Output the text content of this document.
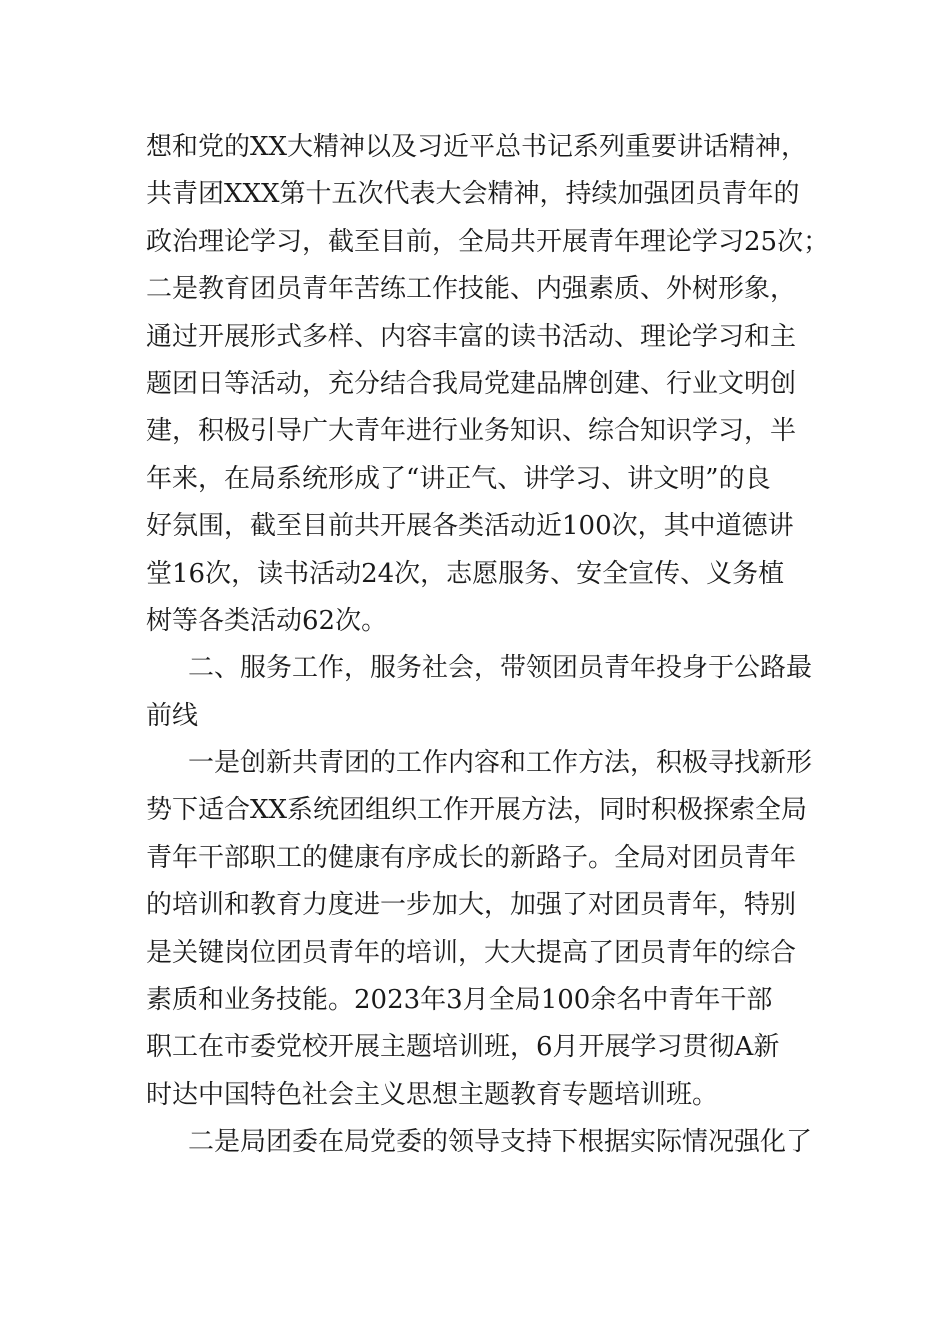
想和党的XX大精神以及习近平总书记系列重要讲话精神，
共青团XXX第十五次代表大会精神，持续加强团员青年的
政治理论学习，截至目前，全局共开展青年理论学习25次；
二是教育团员青年苦练工作技能、内强素质、外树形象，
通过开展形式多样、内容丰富的读书活动、理论学习和主
题团日等活动，充分结合我局党建品牌创建、行业文明创
建，积极引导广大青年进行业务知识、综合知识学习，半
年来，在局系统形成了“讲正气、讲学习、讲文明”的良
好氛围，截至目前共开展各类活动近100次，其中道德讲
堂16次，读书活动24次，志愿服务、安全宣传、义务植
树等各类活动62次。
二、服务工作，服务社会，带领团员青年投身于公路最
前线
一是创新共青团的工作内容和工作方法，积极寻找新形
势下适合XX系统团组织工作开展方法，同时积极探索全局
青年干部职工的健康有序成长的新路子。全局对团员青年
的培训和教育力度进一步加大，加强了对团员青年，特别
是关键岗位团员青年的培训，大大提高了团员青年的综合
素质和业务技能。2023年3月全局100余名中青年干部
职工在市委党校开展主题培训班，6月开展学习贯彻A新
时达中国特色社会主义思想主题教育专题培训班。
二是局团委在局党委的领导支持下根据实际情况强化了
